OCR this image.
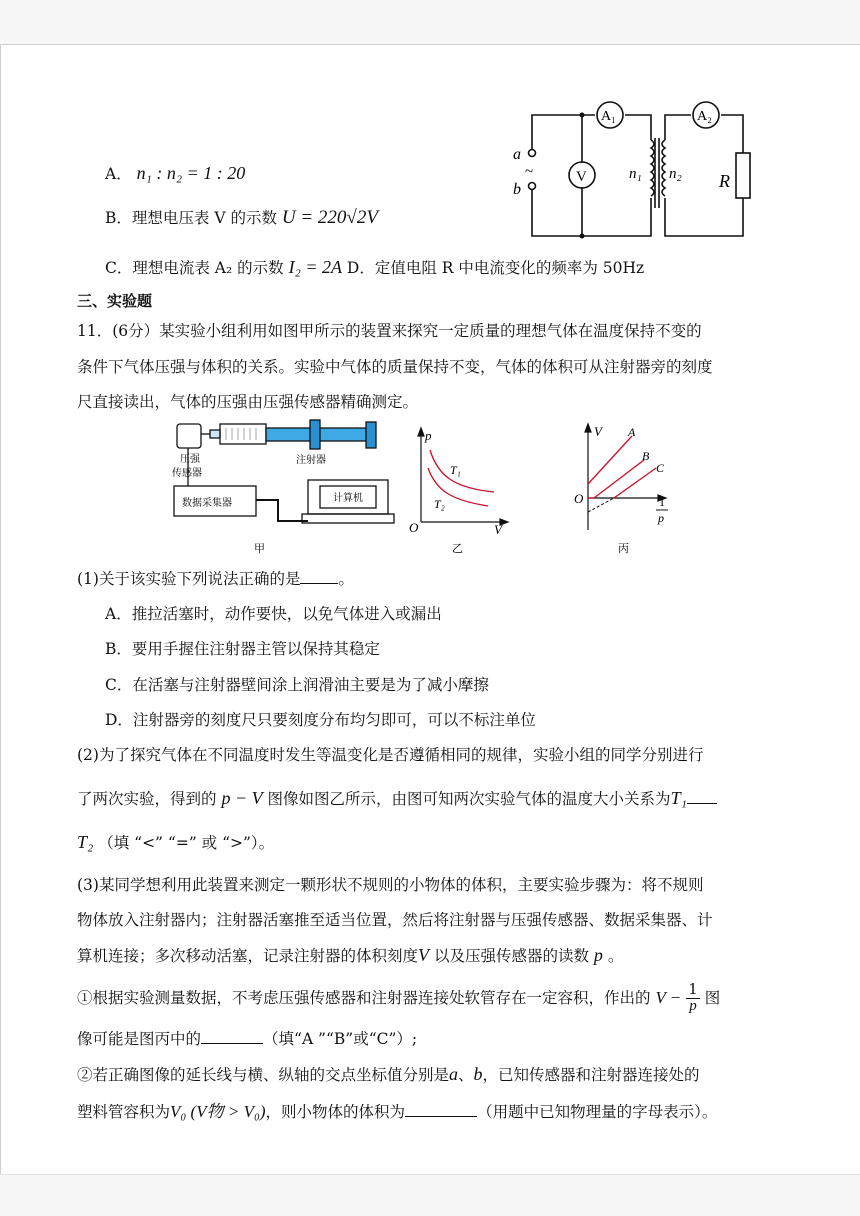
A₁	A₂
a
b
~	V	n₁ n₂ R
A． n₁ : n₂ = 1 : 20
B．理想电压表 V 的示数 U = 220√2V
C．理想电流表 A₂ 的示数 I₂ = 2A D．定值电阻 R 中电流变化的频率为 50Hz
三、实验题
11．(6分）某实验小组利用如图甲所示的装置来探究一定质量的理想气体在温度保持不变的
条件下气体压强与体积的关系。实验中气体的质量保持不变，气体的体积可从注射器旁的刻度
尺直接读出，气体的压强由压强传感器精确测定。
压强
传感器
注射器
数据采集器	计算机
甲
p
V
O
T₁
T₂
乙
V
O
A
B
C
1
p
丙
(1)关于该实验下列说法正确的是 。
A．推拉活塞时，动作要快，以免气体进入或漏出
B．要用手握住注射器主管以保持其稳定
C．在活塞与注射器壁间涂上润滑油主要是为了减小摩擦
D．注射器旁的刻度尺只要刻度分布均匀即可，可以不标注单位
(2)为了探究气体在不同温度时发生等温变化是否遵循相同的规律，实验小组的同学分别进行
了两次实验，得到的 p − V 图像如图乙所示，由图可知两次实验气体的温度大小关系为T₁
T₂ （填 “<” “=” 或 “>”）。
(3)某同学想利用此装置来测定一颗形状不规则的小物体的体积，主要实验步骤为：将不规则
物体放入注射器内；注射器活塞推至适当位置，然后将注射器与压强传感器、数据采集器、计
算机连接；多次移动活塞，记录注射器的体积刻度V 以及压强传感器的读数 p 。
①根据实验测量数据，不考虑压强传感器和注射器连接处软管存在一定容积，作出的 $V - \frac{1}{p}$ 图
像可能是图丙中的	（填“A ”“B”或“C”）;
②若正确图像的延长线与横、纵轴的交点坐标值分别是a、b，已知传感器和注射器连接处的
塑料管容积为V₀ (V物 > V₀)，则小物体的体积为	（用题中已知物理量的字母表示）。
